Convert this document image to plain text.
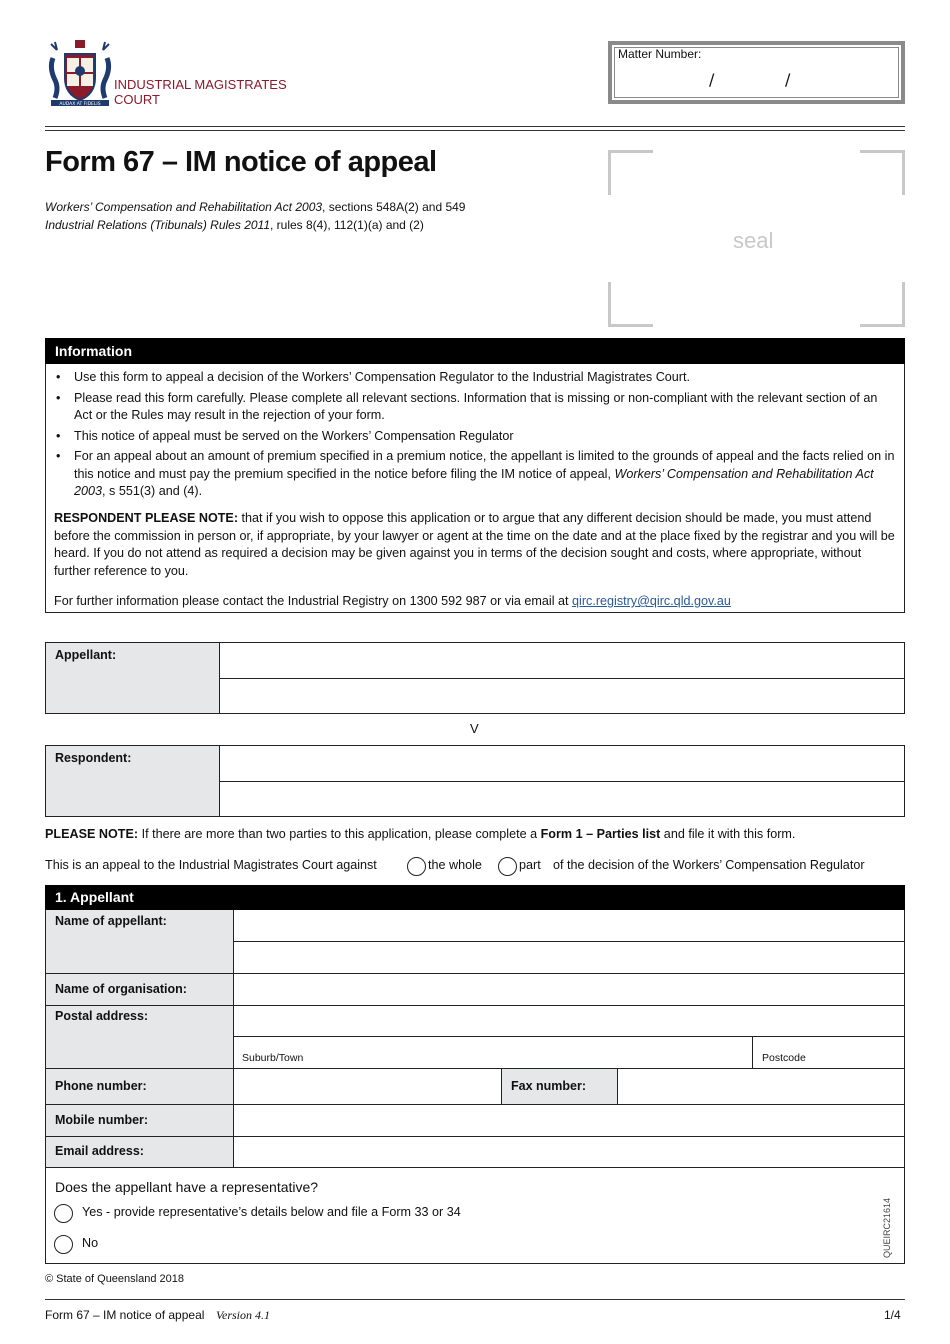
AUDAX AT FIDELIS
INDUSTRIAL MAGISTRATES
COURT
Matter Number:
/	/
Form 67 – IM notice of appeal
Workers’ Compensation and Rehabilitation Act 2003, sections 548A(2) and 549
Industrial Relations (Tribunals) Rules 2011, rules 8(4), 112(1)(a) and (2)
seal
Information
• Use this form to appeal a decision of the Workers’ Compensation Regulator to the Industrial Magistrates Court.
• Please read this form carefully. Please complete all relevant sections. Information that is missing or non-compliant with the relevant section of an Act or the Rules may result in the rejection of your form.
• This notice of appeal must be served on the Workers’ Compensation Regulator
• For an appeal about an amount of premium specified in a premium notice, the appellant is limited to the grounds of appeal and the facts relied on in this notice and must pay the premium specified in the notice before filing the IM notice of appeal, Workers’ Compensation and Rehabilitation Act 2003, s 551(3) and (4).
RESPONDENT PLEASE NOTE: that if you wish to oppose this application or to argue that any different decision should be made, you must attend before the commission in person or, if appropriate, by your lawyer or agent at the time on the date and at the place fixed by the registrar and you will be heard. If you do not attend as required a decision may be given against you in terms of the decision sought and costs, where appropriate, without further reference to you.
For further information please contact the Industrial Registry on 1300 592 987 or via email at qirc.registry@qirc.qld.gov.au
Appellant:
V
Respondent:
PLEASE NOTE: If there are more than two parties to this application, please complete a Form 1 – Parties list and file it with this form.
This is an appeal to the Industrial Magistrates Court against	the whole	part of the decision of the Workers’ Compensation Regulator
1. Appellant
Name of appellant:
Name of organisation:
Postal address:
Suburb/Town	Postcode
Phone number:	Fax number:
Mobile number:
Email address:
Does the appellant have a representative?
Yes - provide representative’s details below and file a Form 33 or 34
No
© State of Queensland 2018
Form 67 – IM notice of appeal Version 4.1	1/4
QUEIRC21614
